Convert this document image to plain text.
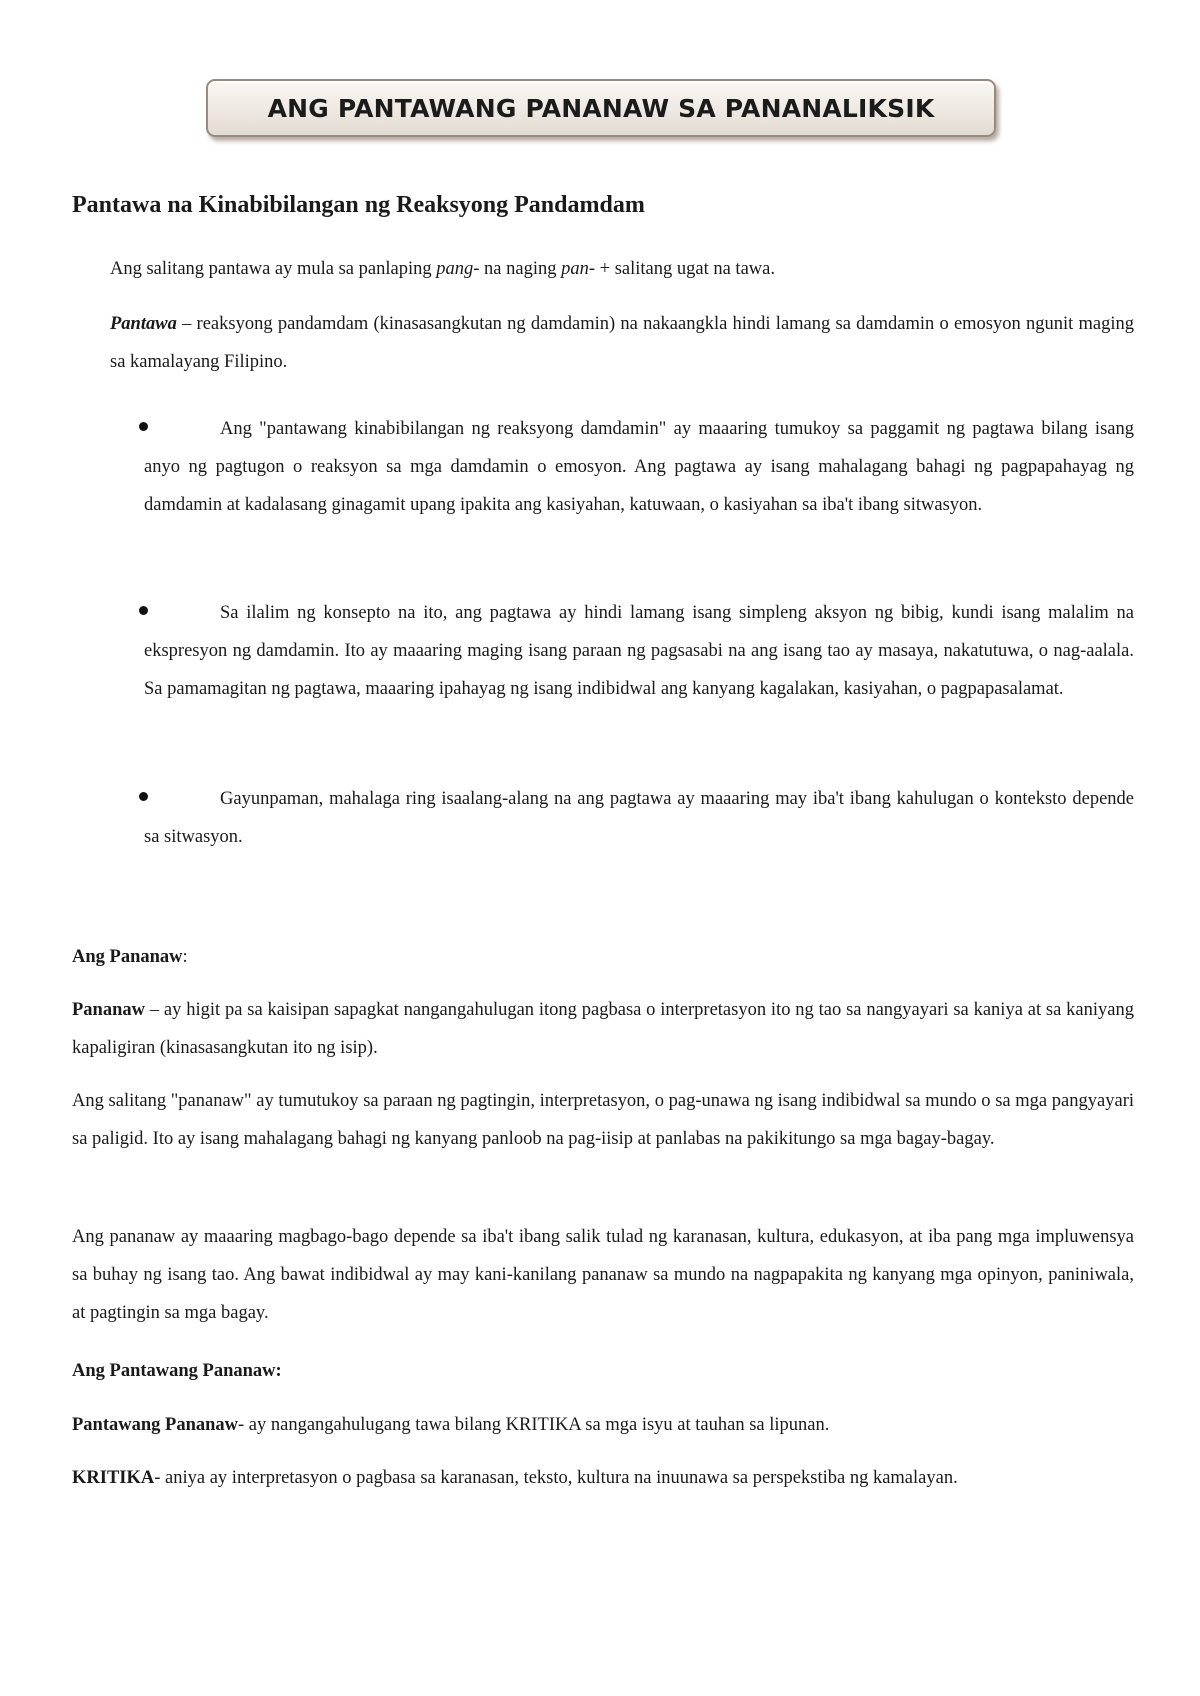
ANG PANTAWANG PANANAW SA PANANALIKSIK
Pantawa na Kinabibilangan ng Reaksyong Pandamdam

Ang salitang pantawa ay mula sa panlaping pang- na naging pan- + salitang ugat na tawa.

Pantawa – reaksyong pandamdam (kinasasangkutan ng damdamin) na nakaangkla hindi lamang sa damdamin o emosyon ngunit maging sa kamalayang Filipino.

Ang "pantawang kinabibilangan ng reaksyong damdamin" ay maaaring tumukoy sa paggamit ng pagtawa bilang isang anyo ng pagtugon o reaksyon sa mga damdamin o emosyon. Ang pagtawa ay isang mahalagang bahagi ng pagpapahayag ng damdamin at kadalasang ginagamit upang ipakita ang kasiyahan, katuwaan, o kasiyahan sa iba't ibang sitwasyon.

Sa ilalim ng konsepto na ito, ang pagtawa ay hindi lamang isang simpleng aksyon ng bibig, kundi isang malalim na ekspresyon ng damdamin. Ito ay maaaring maging isang paraan ng pagsasabi na ang isang tao ay masaya, nakatutuwa, o nag-aalala. Sa pamamagitan ng pagtawa, maaaring ipahayag ng isang indibidwal ang kanyang kagalakan, kasiyahan, o pagpapasalamat.

Gayunpaman, mahalaga ring isaalang-alang na ang pagtawa ay maaaring may iba't ibang kahulugan o konteksto depende sa sitwasyon.

Ang Pananaw:

Pananaw – ay higit pa sa kaisipan sapagkat nangangahulugan itong pagbasa o interpretasyon ito ng tao sa nangyayari sa kaniya at sa kaniyang kapaligiran (kinasasangkutan ito ng isip).

Ang salitang "pananaw" ay tumutukoy sa paraan ng pagtingin, interpretasyon, o pag-unawa ng isang indibidwal sa mundo o sa mga pangyayari sa paligid. Ito ay isang mahalagang bahagi ng kanyang panloob na pag-iisip at panlabas na pakikitungo sa mga bagay-bagay.

Ang pananaw ay maaaring magbago-bago depende sa iba't ibang salik tulad ng karanasan, kultura, edukasyon, at iba pang mga impluwensya sa buhay ng isang tao. Ang bawat indibidwal ay may kani-kanilang pananaw sa mundo na nagpapakita ng kanyang mga opinyon, paniniwala, at pagtingin sa mga bagay.

Ang Pantawang Pananaw:

Pantawang Pananaw- ay nangangahulugang tawa bilang KRITIKA sa mga isyu at tauhan sa lipunan.

KRITIKA- aniya ay interpretasyon o pagbasa sa karanasan, teksto, kultura na inuunawa sa perspekstiba ng kamalayan.
